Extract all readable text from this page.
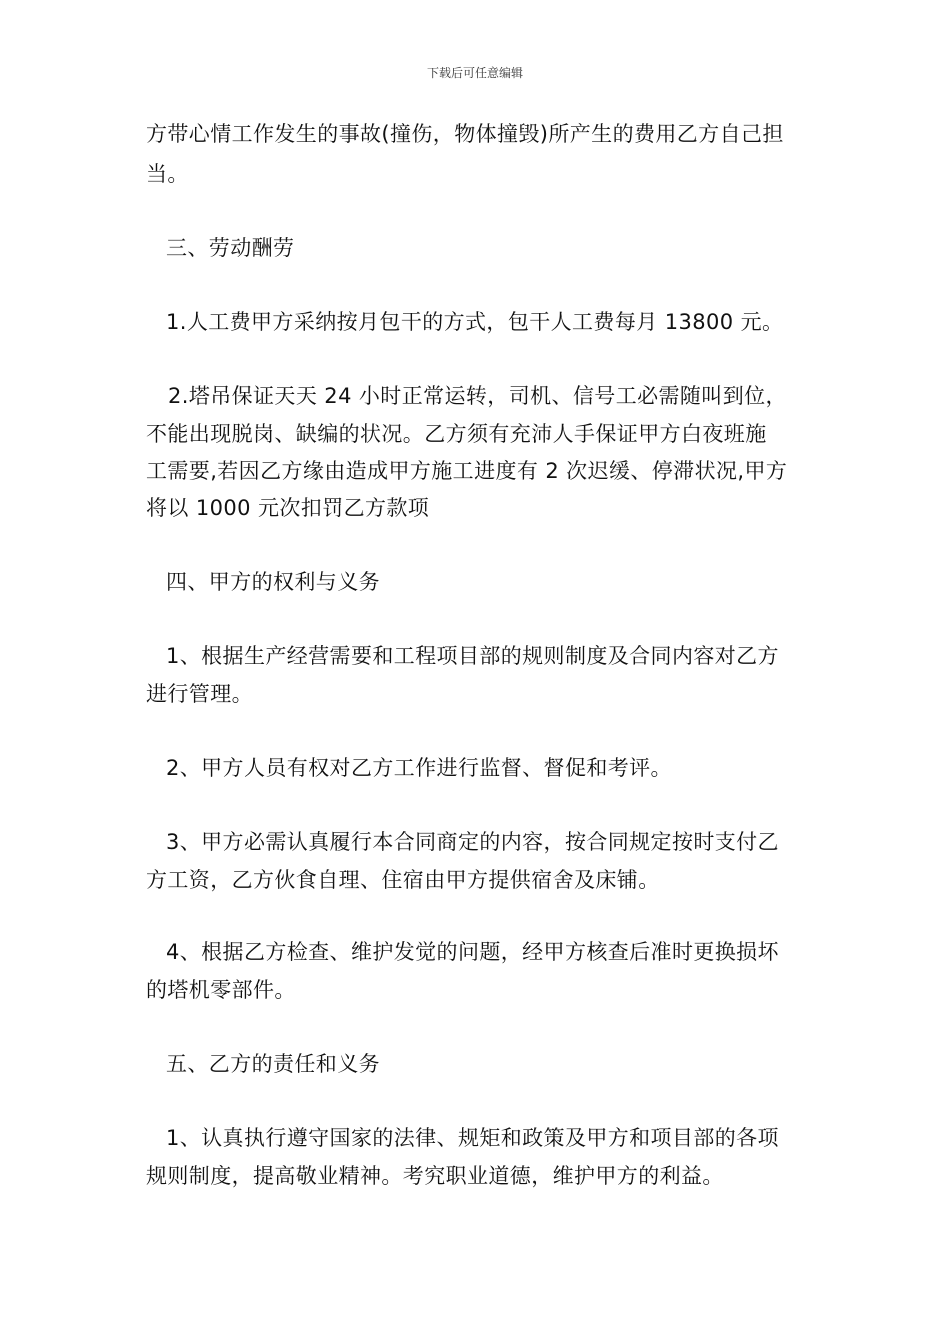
下载后可任意编辑
方带心情工作发生的事故(撞伤，物体撞毁)所产生的费用乙方自己担
当。
三、劳动酬劳
1.人工费甲方采纳按月包干的方式，包干人工费每月 13800 元。
2.塔吊保证天天 24 小时正常运转，司机、信号工必需随叫到位，
不能出现脱岗、缺编的状况。乙方须有充沛人手保证甲方白夜班施
工需要,若因乙方缘由造成甲方施工进度有 2 次迟缓、停滞状况,甲方
将以 1000 元次扣罚乙方款项
四、甲方的权利与义务
1、根据生产经营需要和工程项目部的规则制度及合同内容对乙方
进行管理。
2、甲方人员有权对乙方工作进行监督、督促和考评。
3、甲方必需认真履行本合同商定的内容，按合同规定按时支付乙
方工资，乙方伙食自理、住宿由甲方提供宿舍及床铺。
4、根据乙方检查、维护发觉的问题，经甲方核查后准时更换损坏
的塔机零部件。
五、乙方的责任和义务
1、认真执行遵守国家的法律、规矩和政策及甲方和项目部的各项
规则制度，提高敬业精神。考究职业道德，维护甲方的利益。
